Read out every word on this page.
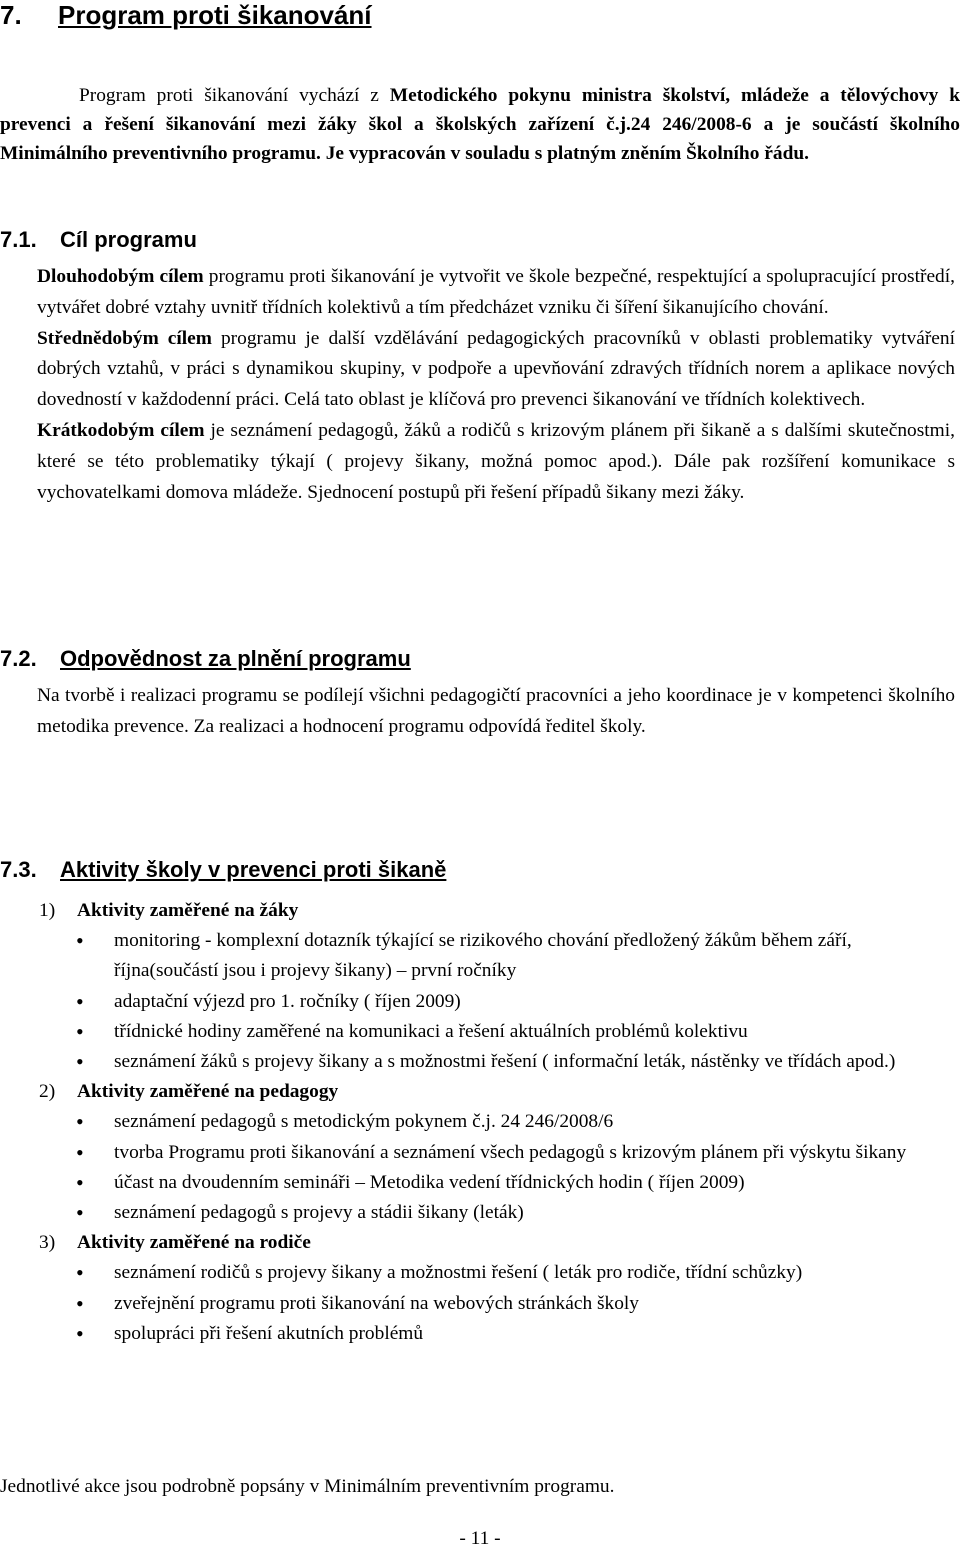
7. Program proti šikanování

Program proti šikanování vychází z Metodického pokynu ministra školství, mládeže a tělovýchovy k prevenci a řešení šikanování mezi žáky škol a školských zařízení č.j.24 246/2008-6 a je součástí školního Minimálního preventivního programu. Je vypracován v souladu s platným zněním Školního řádu.

7.1. Cíl programu

Dlouhodobým cílem programu proti šikanování je vytvořit ve škole bezpečné, respektující a spolupracující prostředí, vytvářet dobré vztahy uvnitř třídních kolektivů a tím předcházet vzniku či šíření šikanujícího chování.

Střednědobým cílem programu je další vzdělávání pedagogických pracovníků v oblasti problematiky vytváření dobrých vztahů, v práci s dynamikou skupiny, v podpoře a upevňování zdravých třídních norem a aplikace nových dovedností v každodenní práci. Celá tato oblast je klíčová pro prevenci šikanování ve třídních kolektivech.

Krátkodobým cílem je seznámení pedagogů, žáků a rodičů s krizovým plánem při šikaně a s dalšími skutečnostmi, které se této problematiky týkají ( projevy šikany, možná pomoc apod.). Dále pak rozšíření komunikace s vychovatelkami domova mládeže. Sjednocení postupů při řešení případů šikany mezi žáky.

7.2. Odpovědnost za plnění programu

Na tvorbě i realizaci programu se podílejí všichni pedagogičtí pracovníci a jeho koordinace je v kompetenci školního metodika prevence. Za realizaci a hodnocení programu odpovídá ředitel školy.

7.3. Aktivity školy v prevenci proti šikaně
1) Aktivity zaměřené na žáky
• monitoring - komplexní dotazník týkající se rizikového chování předložený žákům během září, října(součástí jsou i projevy šikany) – první ročníky
• adaptační výjezd pro 1. ročníky ( říjen 2009)
• třídnické hodiny zaměřené na komunikaci a řešení aktuálních problémů kolektivu
• seznámení žáků s projevy šikany a s možnostmi řešení ( informační leták, nástěnky ve třídách apod.)
2) Aktivity zaměřené na pedagogy
• seznámení pedagogů s metodickým pokynem č.j. 24 246/2008/6
• tvorba Programu proti šikanování a seznámení všech pedagogů s krizovým plánem při výskytu šikany
• účast na dvoudenním semináři – Metodika vedení třídnických hodin ( říjen 2009)
• seznámení pedagogů s projevy a stádii šikany (leták)
3) Aktivity zaměřené na rodiče
• seznámení rodičů s projevy šikany a možnostmi řešení ( leták pro rodiče, třídní schůzky)
• zveřejnění programu proti šikanování na webových stránkách školy
• spolupráci při řešení akutních problémů

Jednotlivé akce jsou podrobně popsány v Minimálním preventivním programu.

- 11 -
